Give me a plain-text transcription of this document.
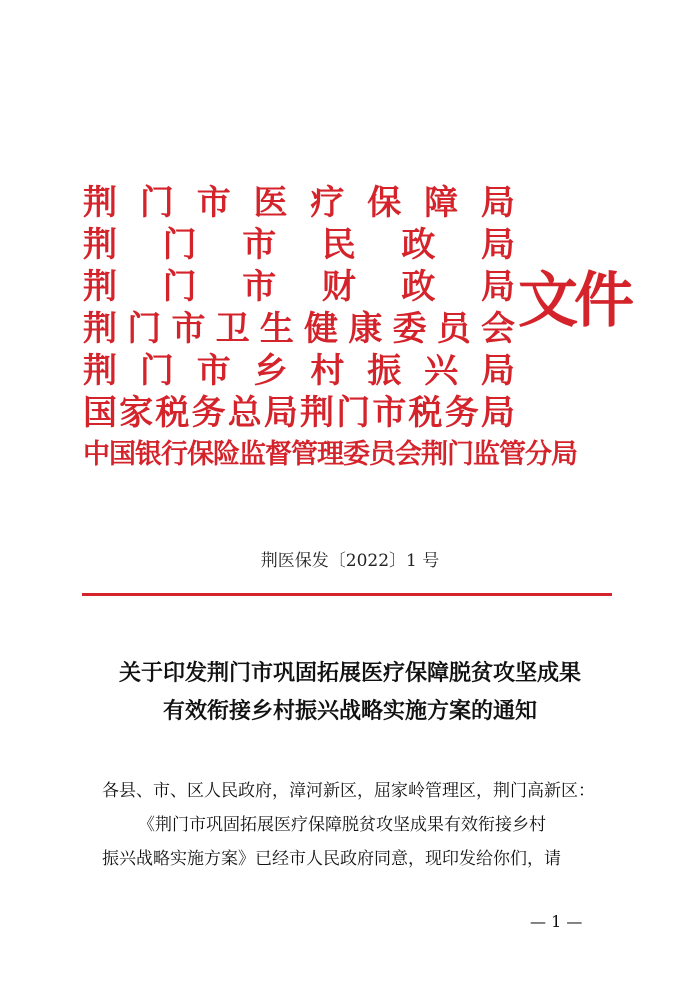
荆 门 市 医 疗 保 障 局
荆 门 市 民 政 局
荆 门 市 财 政 局
荆 门 市 卫 生 健 康 委 员 会
荆 门 市 乡 村 振 兴 局
国 家 税 务 总 局 荆 门 市 税 务 局
中 国 银 行 保 险 监 督 管 理 委 员 会 荆 门 监 管 分 局
文件
荆医保发〔2022〕1 号
关于印发荆门市巩固拓展医疗保障脱贫攻坚成果
有效衔接乡村振兴战略实施方案的通知

各县、市、区人民政府，漳河新区，屈家岭管理区，荆门高新区：

《荆门市巩固拓展医疗保障脱贫攻坚成果有效衔接乡村

振兴战略实施方案》已经市人民政府同意，现印发给你们，请

— 1 —
